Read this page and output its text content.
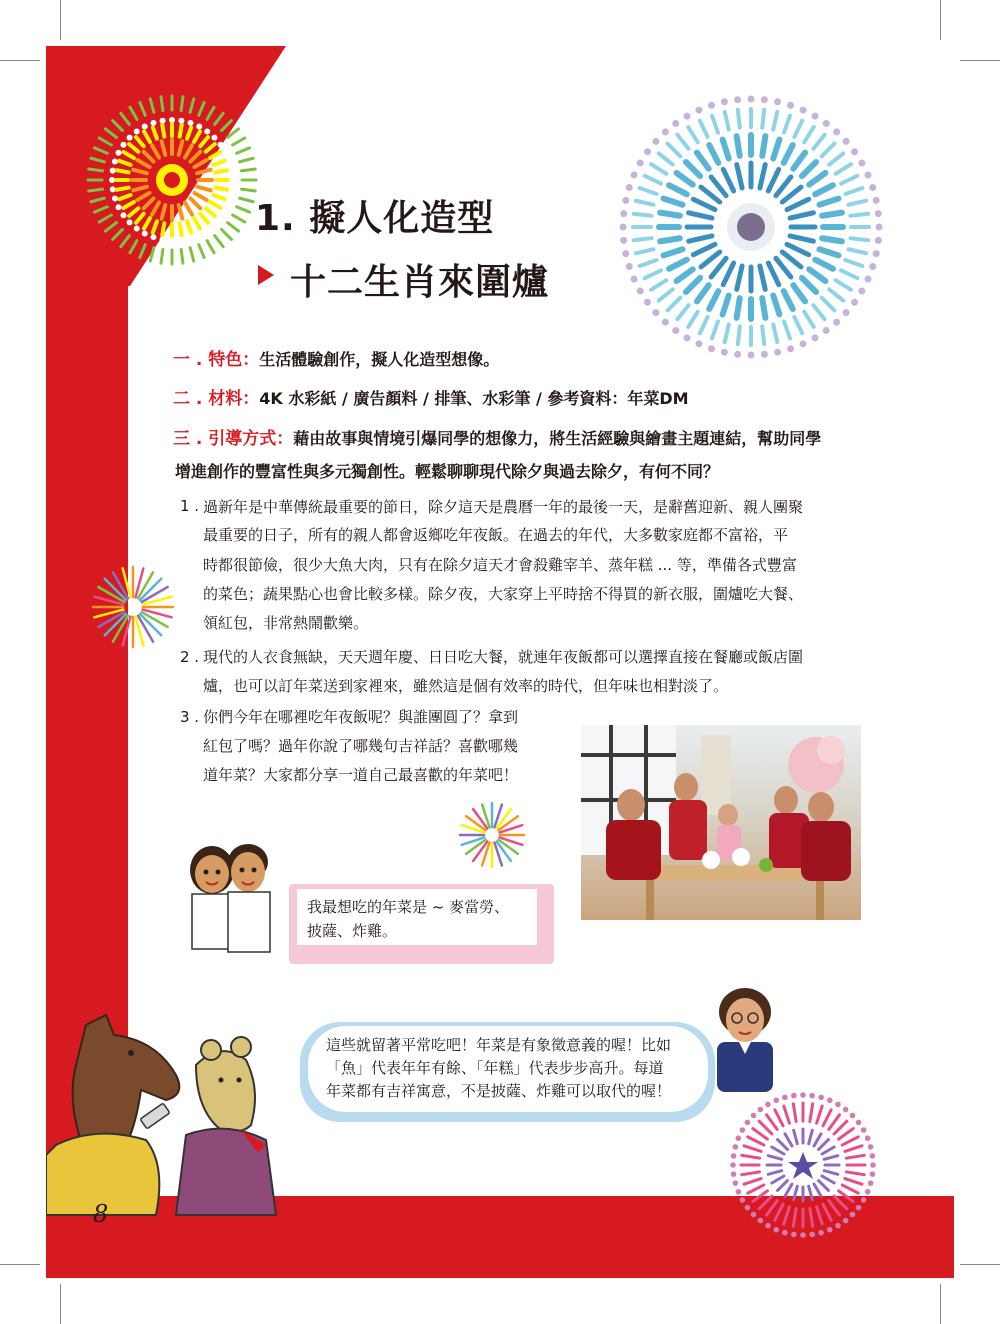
1. 擬人化造型
十二生肖來圍爐
一 . 特色：生活體驗創作，擬人化造型想像。
二 . 材料：4K 水彩紙 / 廣告顏料 / 排筆、水彩筆 / 參考資料：年菜DM
三 . 引導方式：藉由故事與情境引爆同學的想像力，將生活經驗與繪畫主題連結，幫助同學
增進創作的豐富性與多元獨創性。輕鬆聊聊現代除夕與過去除夕，有何不同？
1 . 過新年是中華傳統最重要的節日，除夕這天是農曆一年的最後一天，是辭舊迎新、親人團聚
最重要的日子，所有的親人都會返鄉吃年夜飯。在過去的年代，大多數家庭都不富裕，平
時都很節儉，很少大魚大肉，只有在除夕這天才會殺雞宰羊、蒸年糕 ... 等，準備各式豐富
的菜色；蔬果點心也會比較多樣。除夕夜，大家穿上平時捨不得買的新衣服，圍爐吃大餐、
領紅包，非常熱鬧歡樂。
2 . 現代的人衣食無缺，天天週年慶、日日吃大餐，就連年夜飯都可以選擇直接在餐廳或飯店圍
爐，也可以訂年菜送到家裡來，雖然這是個有效率的時代，但年味也相對淡了。
3 . 你們今年在哪裡吃年夜飯呢？與誰團圓了？拿到
紅包了嗎？過年你說了哪幾句吉祥話？喜歡哪幾
道年菜？大家都分享一道自己最喜歡的年菜吧！
我最想吃的年菜是 ~ 麥當勞、
披薩、炸雞。
這些就留著平常吃吧！年菜是有象徵意義的喔！比如
「魚」代表年年有餘、「年糕」代表步步高升。每道
年菜都有吉祥寓意，不是披薩、炸雞可以取代的喔！
8
